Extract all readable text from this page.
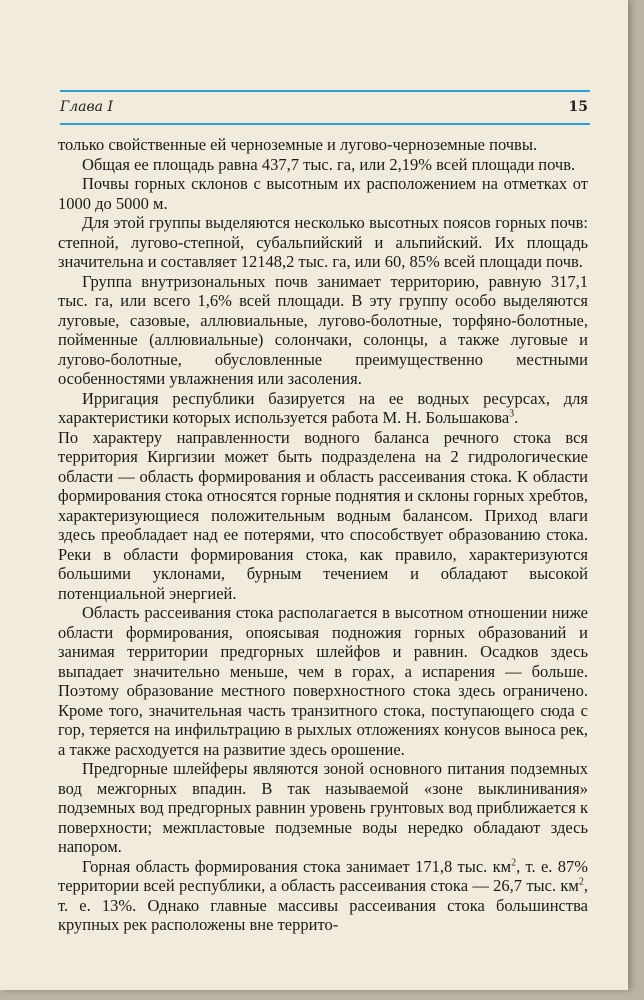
Глава I	15

только свойственные ей черноземные и лугово-черноземные почвы.

Общая ее площадь равна 437,7 тыс. га, или 2,19% всей площади почв.

Почвы горных склонов с высотным их расположением на отметках от 1000 до 5000 м.

Для этой группы выделяются несколько высотных поясов горных почв: степной, лугово-степной, субальпийский и альпийский. Их площадь значительна и составляет 12148,2 тыс. га, или 60, 85% всей площади почв.

Группа внутризональных почв занимает территорию, равную 317,1 тыс. га, или всего 1,6% всей площади. В эту группу особо выделяются луговые, сазовые, аллювиальные, лугово-болотные, торфяно-болотные, пойменные (аллювиальные) солончаки, солонцы, а также луговые и лугово-болотные, обусловленные преимущественно местными особенностями увлажнения или засоления.

Ирригация республики базируется на ее водных ресурсах, для характеристики которых используется работа М. Н. Большакова$^3$.

По характеру направленности водного баланса речного стока вся территория Киргизии может быть подразделена на 2 гидрологические области — область формирования и область рассеивания стока. К области формирования стока относятся горные поднятия и склоны горных хребтов, характеризующиеся положительным водным балансом. Приход влаги здесь преобладает над ее потерями, что способствует образованию стока. Реки в области формирования стока, как правило, характеризуются большими уклонами, бурным течением и обладают высокой потенциальной энергией.

Область рассеивания стока располагается в высотном отношении ниже области формирования, опоясывая подножия горных образований и занимая территории предгорных шлейфов и равнин. Осадков здесь выпадает значительно меньше, чем в горах, а испарения — больше. Поэтому образование местного поверхностного стока здесь ограничено. Кроме того, значительная часть транзитного стока, поступающего сюда с гор, теряется на инфильтрацию в рыхлых отложениях конусов выноса рек, а также расходуется на развитие здесь орошение.

Предгорные шлейферы являются зоной основного питания подземных вод межгорных впадин. В так называемой «зоне выклинивания» подземных вод предгорных равнин уровень грунтовых вод приближается к поверхности; межпластовые подземные воды нередко обладают здесь напором.

Горная область формирования стока занимает 171,8 тыс. $км^2$, т. е. 87% территории всей республики, а область рассеивания стока — 26,7 тыс. $км^2$, т. е. 13%. Однако главные массивы рассеивания стока большинства крупных рек расположены вне террито-
